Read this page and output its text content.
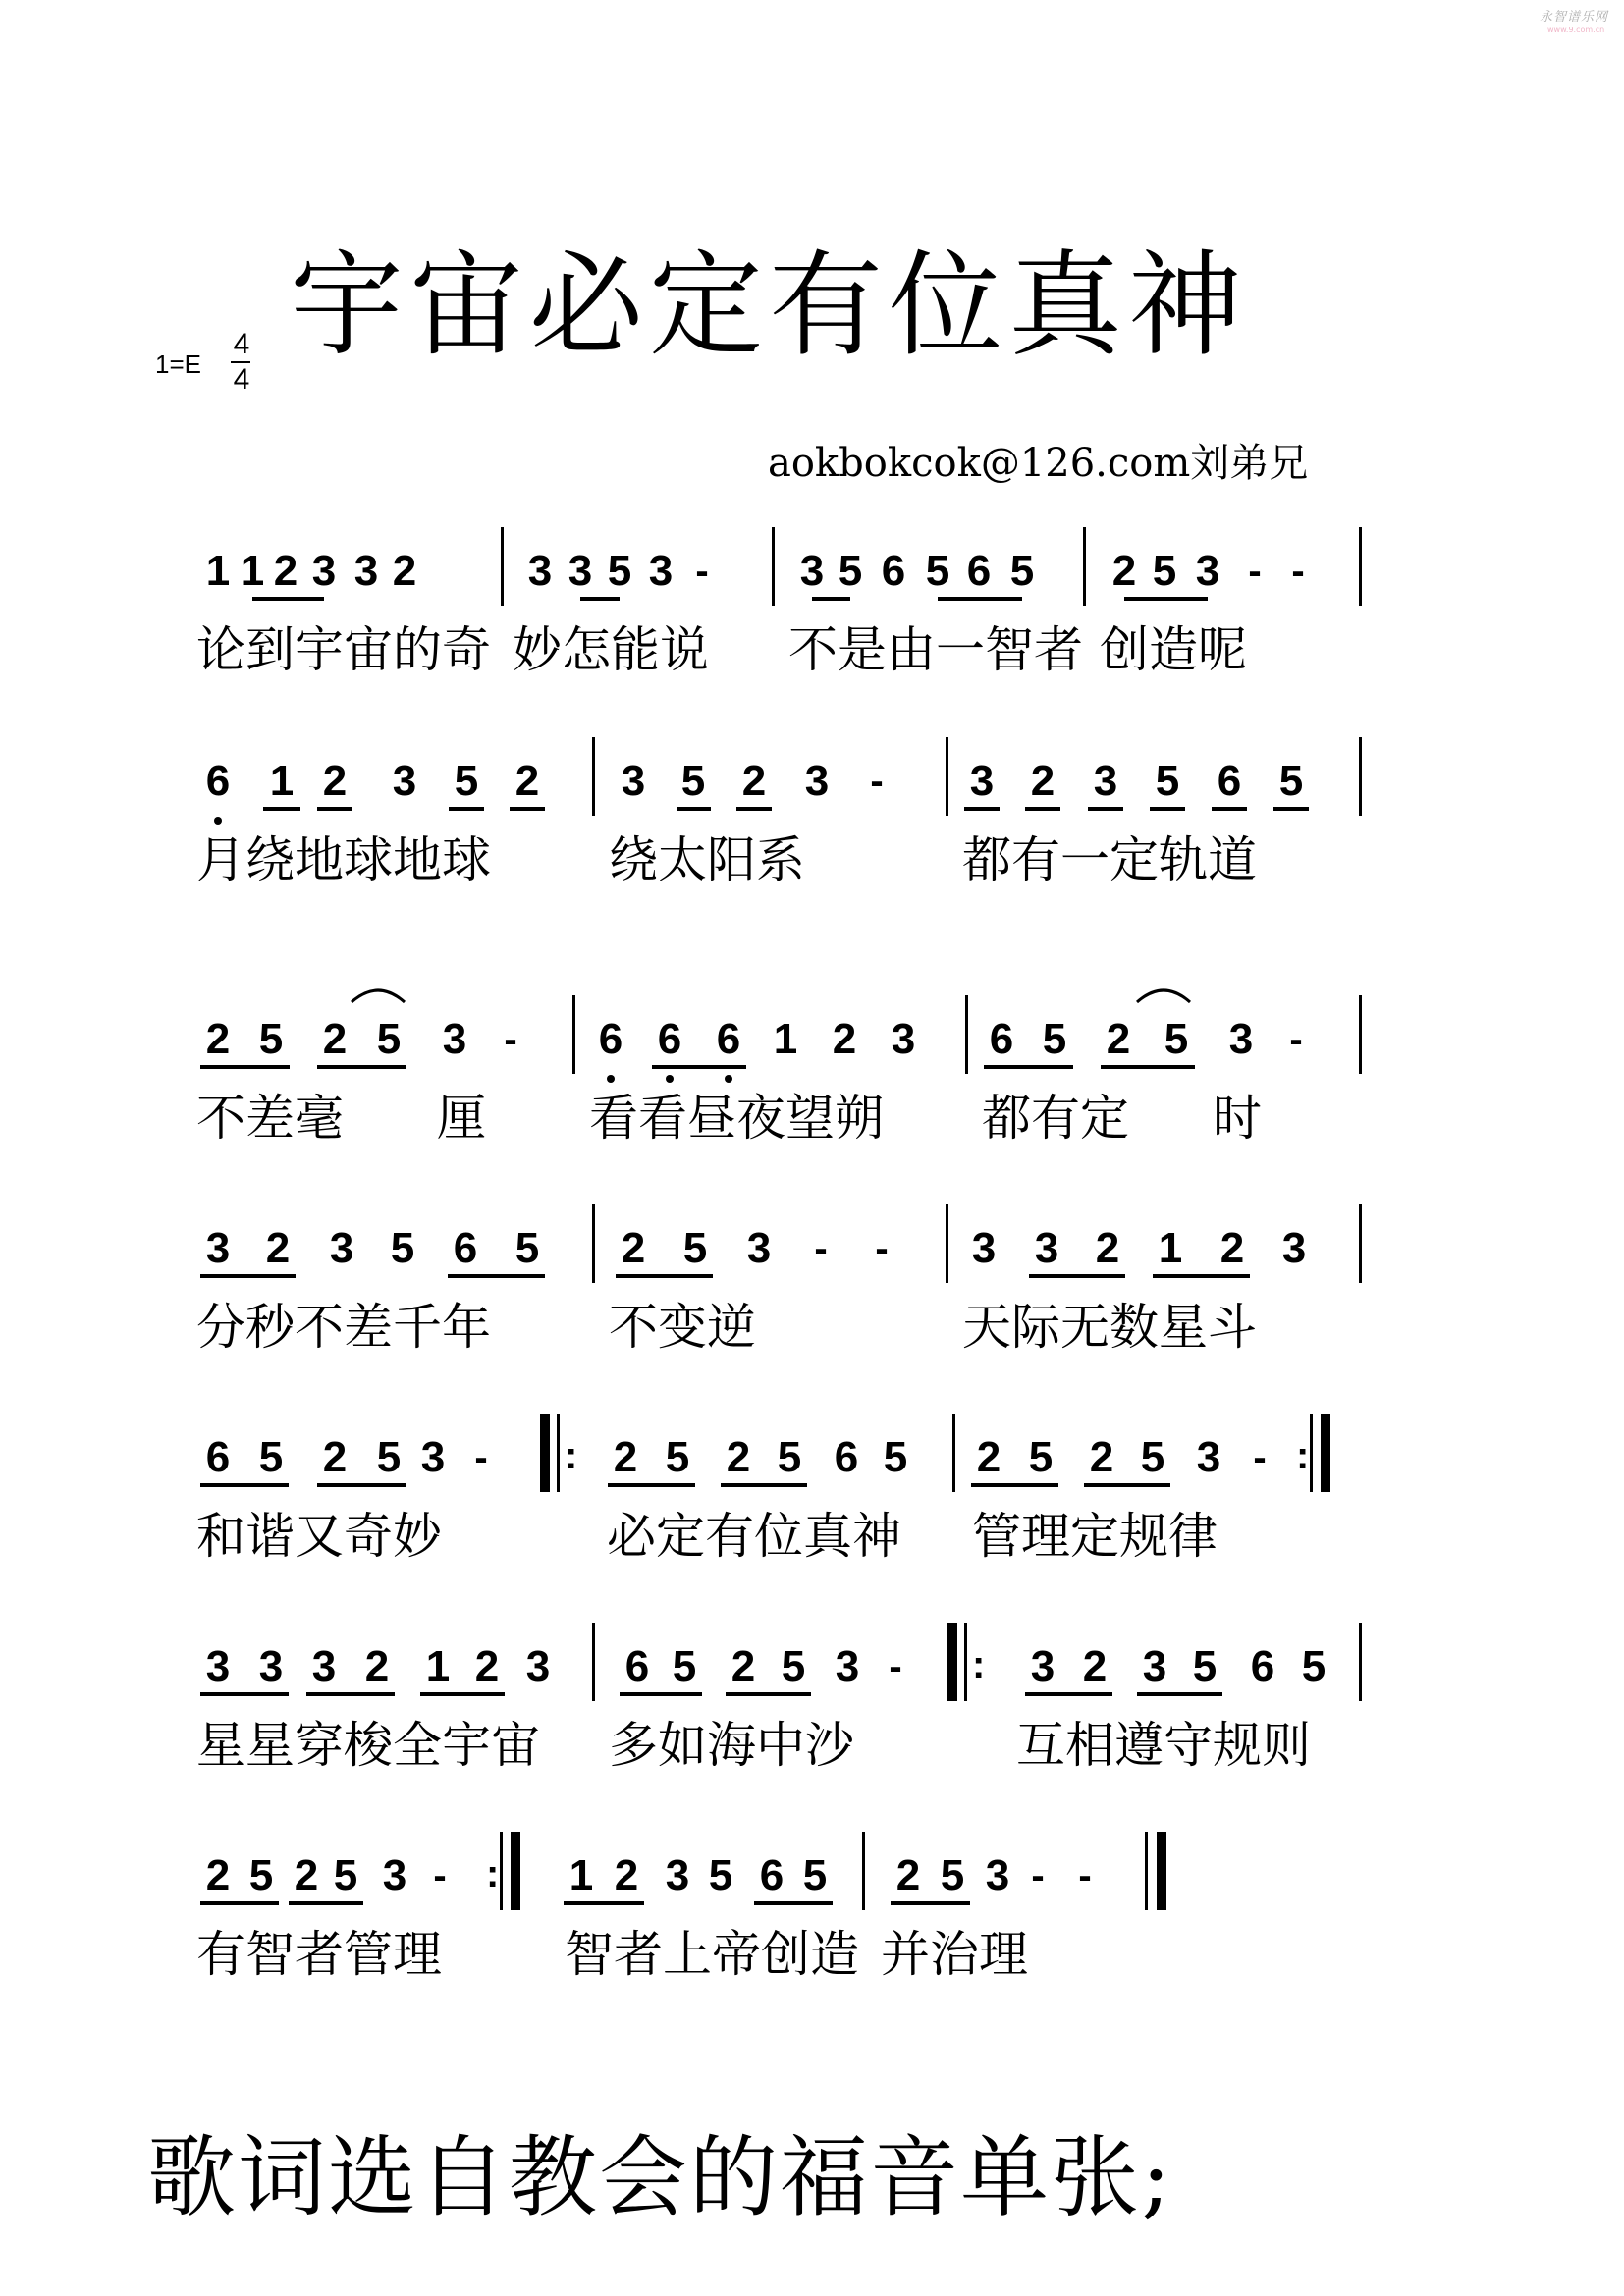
永智谱乐网
www.9.com.cn
宇宙必定有位真神
1=E
4
4
aokbokcok@126.com刘弟兄
1 1 2 3 3 2	3 3 5 3 -	3 5 6 5 6 5 2 5 3 - -
论到宇宙的奇 妙怎能说 不是由一智者 创造呢
6 1 2 3 5 2 3 5 2 3	-	3 2 3 5 6 5
月绕地球地球 绕太阳系	都有一定轨道
2 5 2 5 3 -	6 6 6 1 2 3 6 5 2 5 3 -
不差毫 厘 看看昼夜望朔 都有定 时
3 2 3 5 6 5 2 5 3	-	-	3 3 2 1 2 3
分秒不差千年 不变逆	天际无数星斗
6 5 2 5 3 -	2 5 2 5 6 5 2 5 2 5 3 -
:	:
和谐又奇妙	必定有位真神 管理定规律
3 3 3 2 1 2 3 6 5 2 5 3 -	3 2 3 5 6 5
:
星星穿梭全宇宙 多如海中沙	互相遵守规则
2 5 2 5 3 -	1 2 3 5 6 5 2 5 3 - -
:
有智者管理	智者上帝创造 并治理
歌词选自教会的福音单张;
